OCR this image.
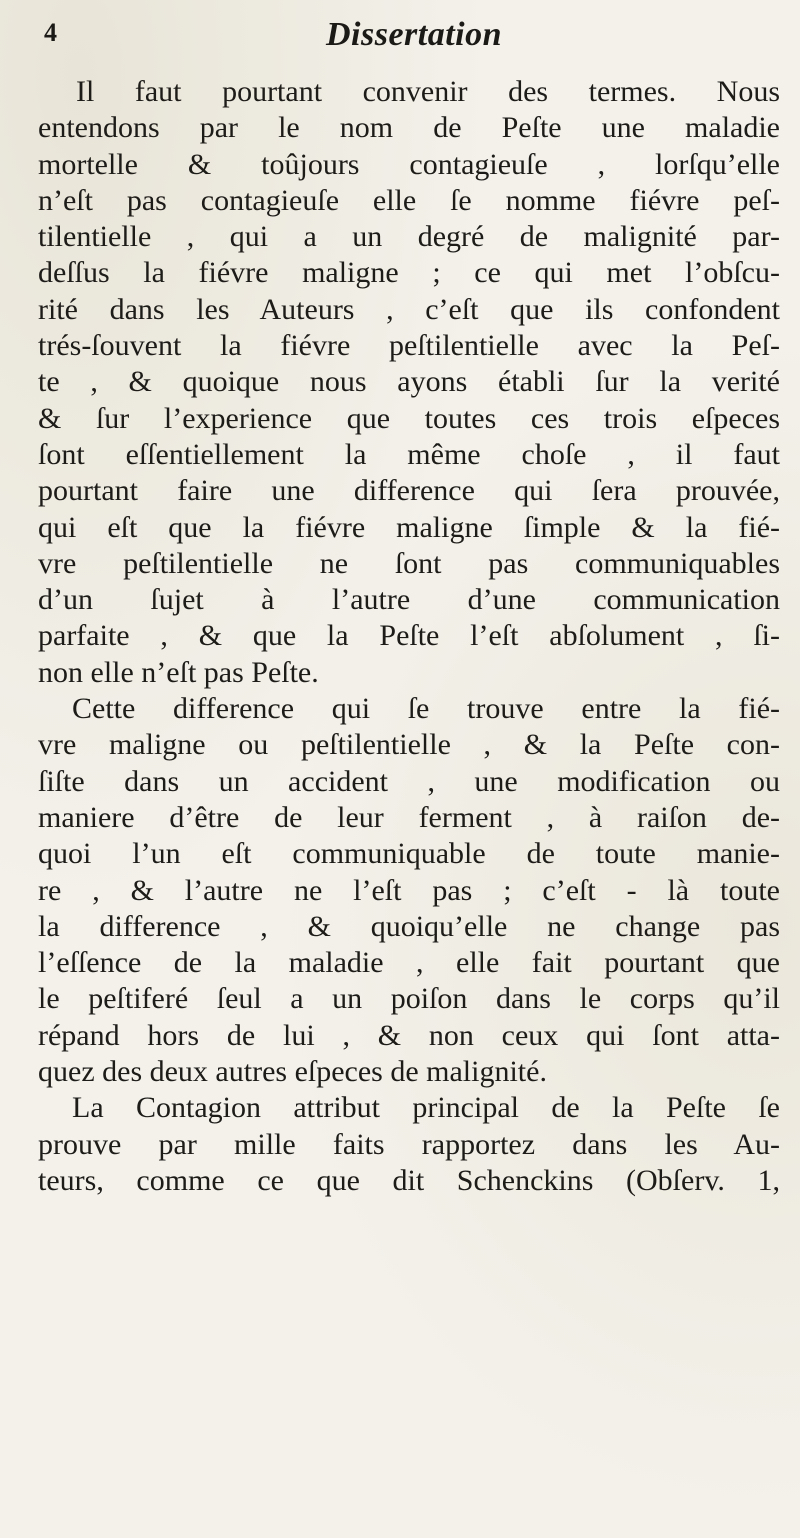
4	Dissertation
Il faut pourtant convenir des termes. Nous
entendons par le nom de Peſte une maladie
mortelle & toûjours contagieuſe , lorſqu’elle
n’eſt pas contagieuſe elle ſe nomme fiévre peſ-
tilentielle , qui a un degré de malignité par-
deſſus la fiévre maligne ; ce qui met l’obſcu-
rité dans les Auteurs , c’eſt que ils confondent
trés-ſouvent la fiévre peſtilentielle avec la Peſ-
te , & quoique nous ayons établi ſur la verité
& ſur l’experience que toutes ces trois eſpeces
ſont eſſentiellement la même choſe , il faut
pourtant faire une difference qui ſera prouvée,
qui eſt que la fiévre maligne ſimple & la fié-
vre peſtilentielle ne ſont pas communiquables
d’un ſujet à l’autre d’une communication
parfaite , & que la Peſte l’eſt abſolument , ſi-
non elle n’eſt pas Peſte.
Cette difference qui ſe trouve entre la fié-
vre maligne ou peſtilentielle , & la Peſte con-
ſiſte dans un accident , une modification ou
maniere d’être de leur ferment , à raiſon de-
quoi l’un eſt communiquable de toute manie-
re , & l’autre ne l’eſt pas ; c’eſt - là toute
la difference , & quoiqu’elle ne change pas
l’eſſence de la maladie , elle fait pourtant que
le peſtiferé ſeul a un poiſon dans le corps qu’il
répand hors de lui , & non ceux qui ſont atta-
quez des deux autres eſpeces de malignité.
La Contagion attribut principal de la Peſte ſe
prouve par mille faits rapportez dans les Au-
teurs, comme ce que dit Schenckins (Obſerv. 1,
